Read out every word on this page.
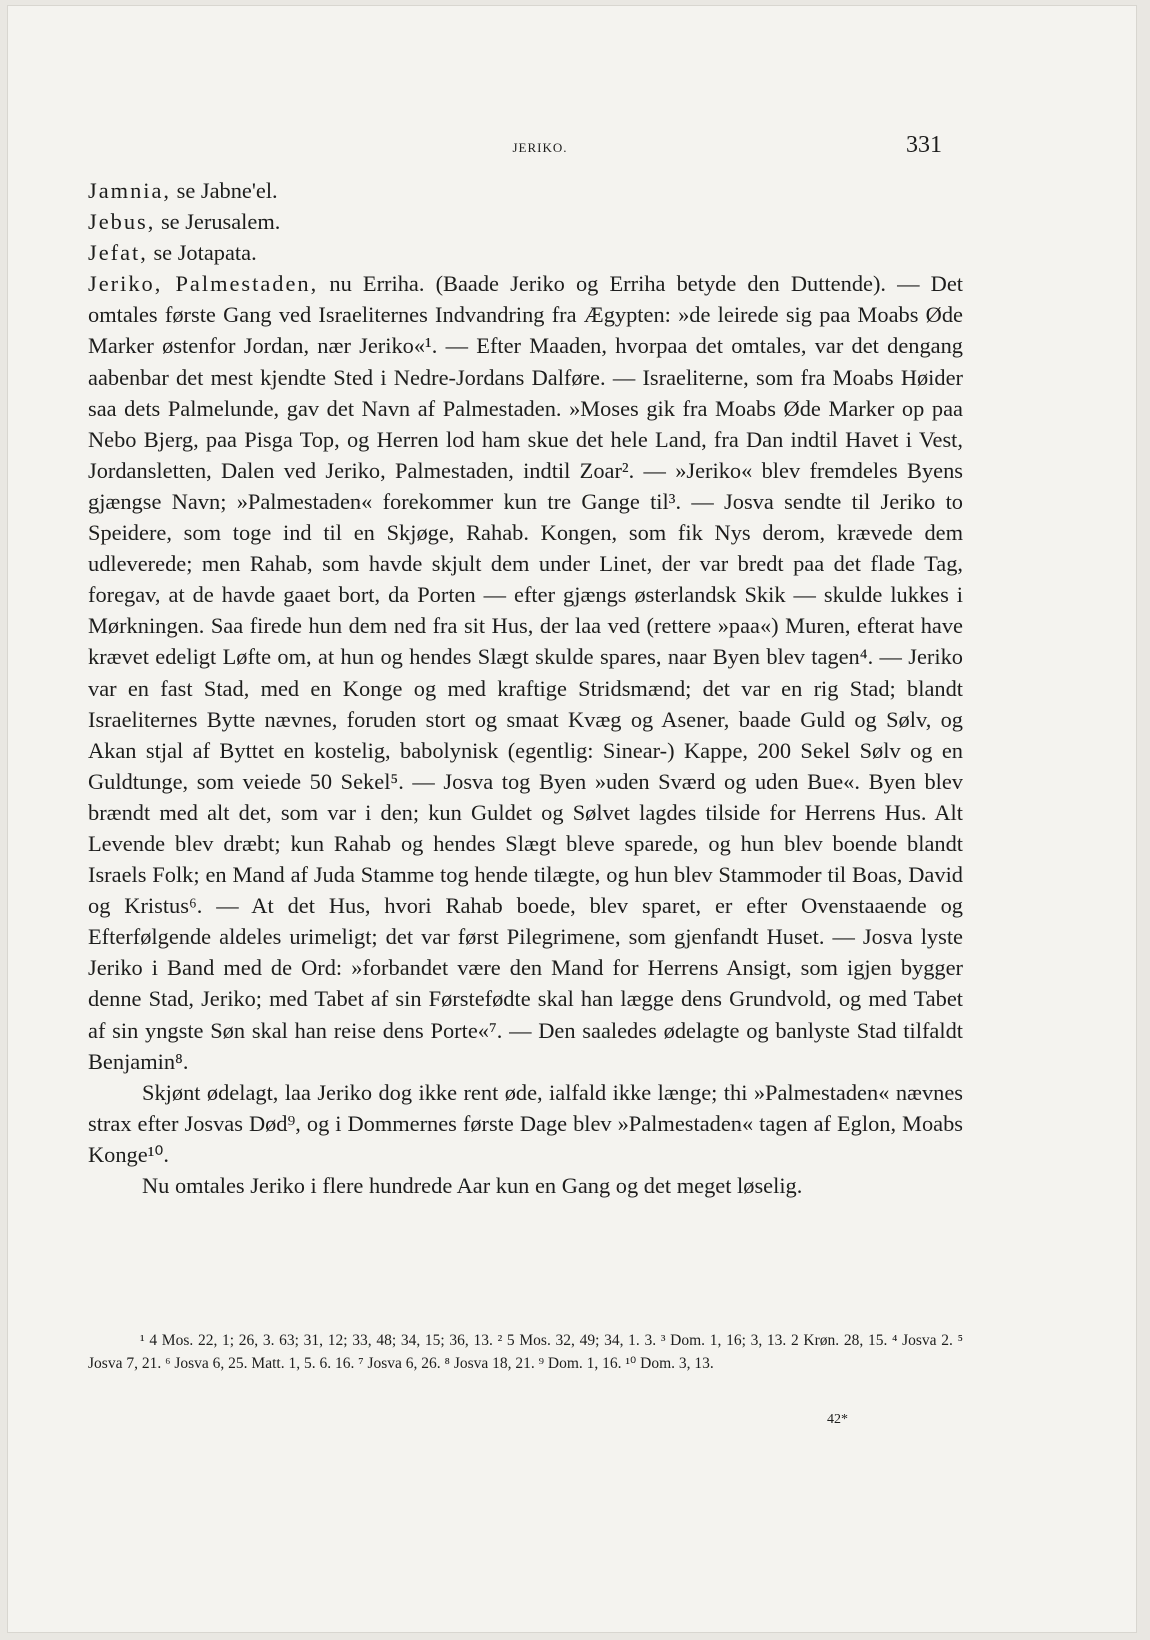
JERIKO.	331

Jamnia, se Jabne'el.

Jebus, se Jerusalem.

Jefat, se Jotapata.

Jeriko, Palmestaden, nu Erriha. (Baade Jeriko og Erriha betyde den Duttende). — Det omtales første Gang ved Israeliternes Indvandring fra Ægypten: »de leirede sig paa Moabs Øde Marker østenfor Jordan, nær Jeriko«¹. — Efter Maaden, hvorpaa det omtales, var det dengang aabenbar det mest kjendte Sted i Nedre-Jordans Dalføre. — Israeliterne, som fra Moabs Høider saa dets Palmelunde, gav det Navn af Palmestaden. »Moses gik fra Moabs Øde Marker op paa Nebo Bjerg, paa Pisga Top, og Herren lod ham skue det hele Land, fra Dan indtil Havet i Vest, Jordansletten, Dalen ved Jeriko, Palmestaden, indtil Zoar². — »Jeriko« blev fremdeles Byens gjængse Navn; »Palmestaden« forekommer kun tre Gange til³. — Josva sendte til Jeriko to Speidere, som toge ind til en Skjøge, Rahab. Kongen, som fik Nys derom, krævede dem udleverede; men Rahab, som havde skjult dem under Linet, der var bredt paa det flade Tag, foregav, at de havde gaaet bort, da Porten — efter gjængs østerlandsk Skik — skulde lukkes i Mørkningen. Saa firede hun dem ned fra sit Hus, der laa ved (rettere »paa«) Muren, efterat have krævet edeligt Løfte om, at hun og hendes Slægt skulde spares, naar Byen blev tagen⁴. — Jeriko var en fast Stad, med en Konge og med kraftige Stridsmænd; det var en rig Stad; blandt Israeliternes Bytte nævnes, foruden stort og smaat Kvæg og Asener, baade Guld og Sølv, og Akan stjal af Byttet en kostelig, babolynisk (egentlig: Sinear-) Kappe, 200 Sekel Sølv og en Guldtunge, som veiede 50 Sekel⁵. — Josva tog Byen »uden Sværd og uden Bue«. Byen blev brændt med alt det, som var i den; kun Guldet og Sølvet lagdes tilside for Herrens Hus. Alt Levende blev dræbt; kun Rahab og hendes Slægt bleve sparede, og hun blev boende blandt Israels Folk; en Mand af Juda Stamme tog hende tilægte, og hun blev Stammoder til Boas, David og Kristus⁶. — At det Hus, hvori Rahab boede, blev sparet, er efter Ovenstaaende og Efterfølgende aldeles urimeligt; det var først Pilegrimene, som gjenfandt Huset. — Josva lyste Jeriko i Band med de Ord: »forbandet være den Mand for Herrens Ansigt, som igjen bygger denne Stad, Jeriko; med Tabet af sin Førstefødte skal han lægge dens Grundvold, og med Tabet af sin yngste Søn skal han reise dens Porte«⁷. — Den saaledes ødelagte og banlyste Stad tilfaldt Benjamin⁸.

Skjønt ødelagt, laa Jeriko dog ikke rent øde, ialfald ikke længe; thi »Palmestaden« nævnes strax efter Josvas Død⁹, og i Dommernes første Dage blev »Palmestaden« tagen af Eglon, Moabs Konge¹⁰.

Nu omtales Jeriko i flere hundrede Aar kun en Gang og det meget løselig.

¹ 4 Mos. 22, 1; 26, 3. 63; 31, 12; 33, 48; 34, 15; 36, 13. ² 5 Mos. 32, 49; 34, 1. 3. ³ Dom. 1, 16; 3, 13. 2 Krøn. 28, 15. ⁴ Josva 2. ⁵ Josva 7, 21. ⁶ Josva 6, 25. Matt. 1, 5. 6. 16. ⁷ Josva 6, 26. ⁸ Josva 18, 21. ⁹ Dom. 1, 16. ¹⁰ Dom. 3, 13.

42*
